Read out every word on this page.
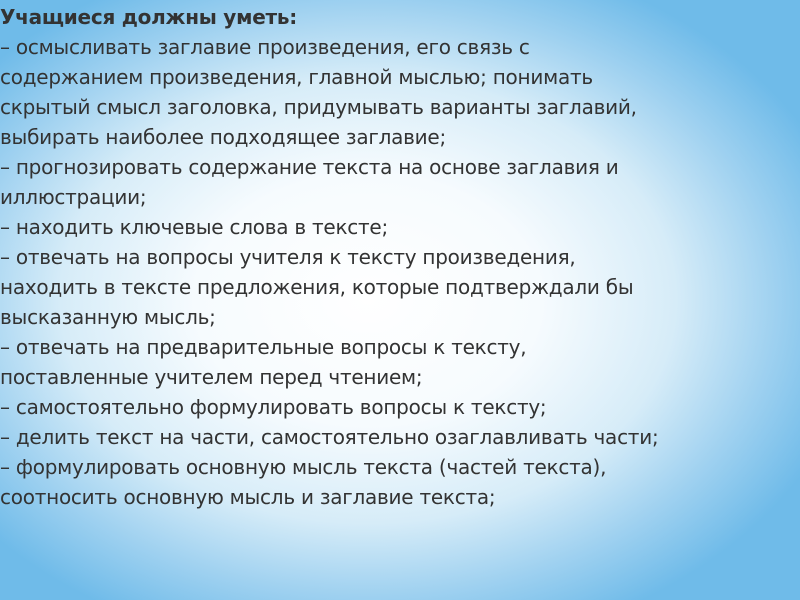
Учащиеся должны уметь:
– осмысливать заглавие произведения, его связь с
содержанием произведения, главной мыслью; понимать
скрытый смысл заголовка, придумывать варианты заглавий,
выбирать наиболее подходящее заглавие;
– прогнозировать содержание текста на основе заглавия и
иллюстрации;
– находить ключевые слова в тексте;
– отвечать на вопросы учителя к тексту произведения,
находить в тексте предложения, которые подтверждали бы
высказанную мысль;
– отвечать на предварительные вопросы к тексту,
поставленные учителем перед чтением;
– самостоятельно формулировать вопросы к тексту;
– делить текст на части, самостоятельно озаглавливать части;
– формулировать основную мысль текста (частей текста),
соотносить основную мысль и заглавие текста;
